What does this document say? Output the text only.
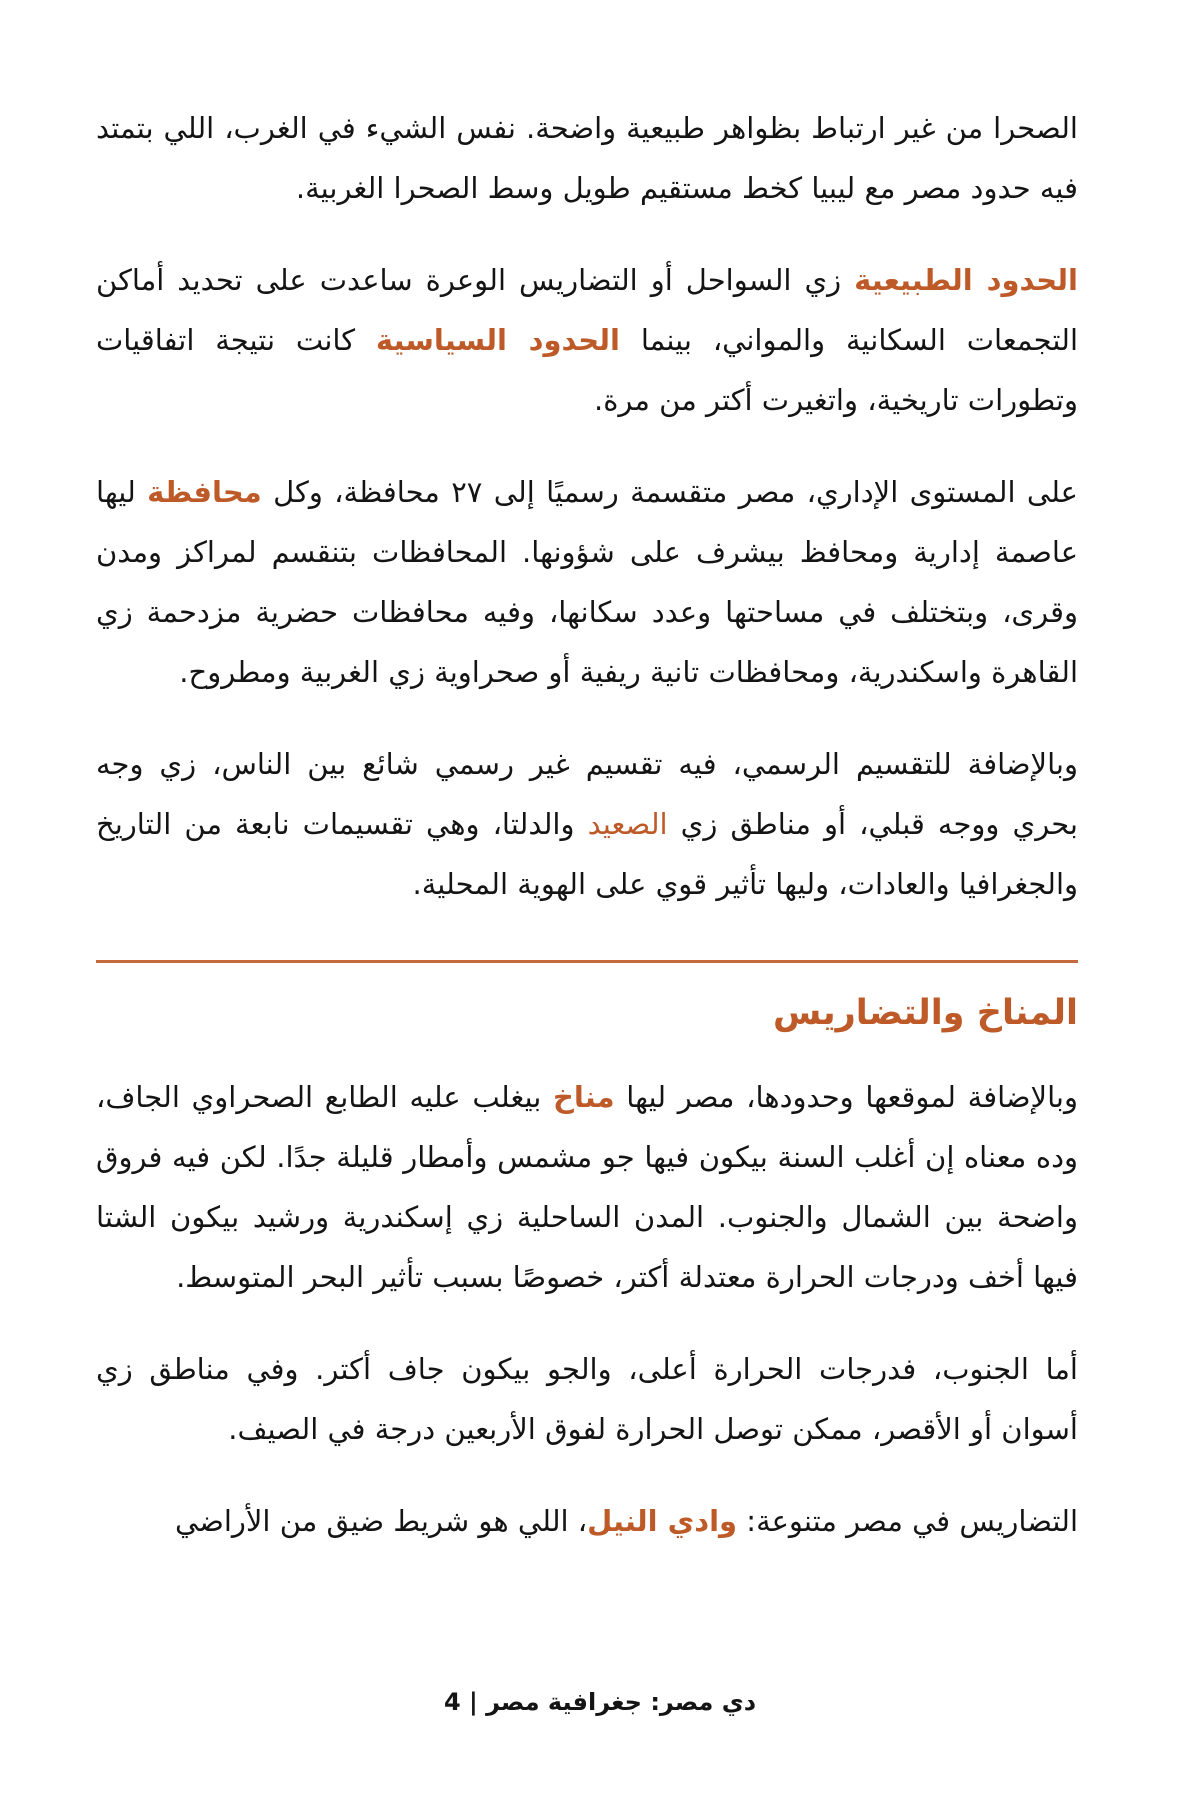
الصحرا من غير ارتباط بظواهر طبيعية واضحة. نفس الشيء في الغرب، اللي بتمتد فيه حدود مصر مع ليبيا كخط مستقيم طويل وسط الصحرا الغربية.

الحدود الطبيعية زي السواحل أو التضاريس الوعرة ساعدت على تحديد أماكن التجمعات السكانية والمواني، بينما الحدود السياسية كانت نتيجة اتفاقيات وتطورات تاريخية، واتغيرت أكتر من مرة.

على المستوى الإداري، مصر متقسمة رسميًا إلى ٢٧ محافظة، وكل محافظة ليها عاصمة إدارية ومحافظ بيشرف على شؤونها. المحافظات بتنقسم لمراكز ومدن وقرى، وبتختلف في مساحتها وعدد سكانها، وفيه محافظات حضرية مزدحمة زي القاهرة واسكندرية، ومحافظات تانية ريفية أو صحراوية زي الغربية ومطروح.

وبالإضافة للتقسيم الرسمي، فيه تقسيم غير رسمي شائع بين الناس، زي وجه بحري ووجه قبلي، أو مناطق زي الصعيد والدلتا، وهي تقسيمات نابعة من التاريخ والجغرافيا والعادات، وليها تأثير قوي على الهوية المحلية.

المناخ والتضاريس

وبالإضافة لموقعها وحدودها، مصر ليها مناخ بيغلب عليه الطابع الصحراوي الجاف، وده معناه إن أغلب السنة بيكون فيها جو مشمس وأمطار قليلة جدًا. لكن فيه فروق واضحة بين الشمال والجنوب. المدن الساحلية زي إسكندرية ورشيد بيكون الشتا فيها أخف ودرجات الحرارة معتدلة أكتر، خصوصًا بسبب تأثير البحر المتوسط.

أما الجنوب، فدرجات الحرارة أعلى، والجو بيكون جاف أكتر. وفي مناطق زي أسوان أو الأقصر، ممكن توصل الحرارة لفوق الأربعين درجة في الصيف.

التضاريس في مصر متنوعة: وادي النيل، اللي هو شريط ضيق من الأراضي

دي مصر: جغرافية مصر | 4
